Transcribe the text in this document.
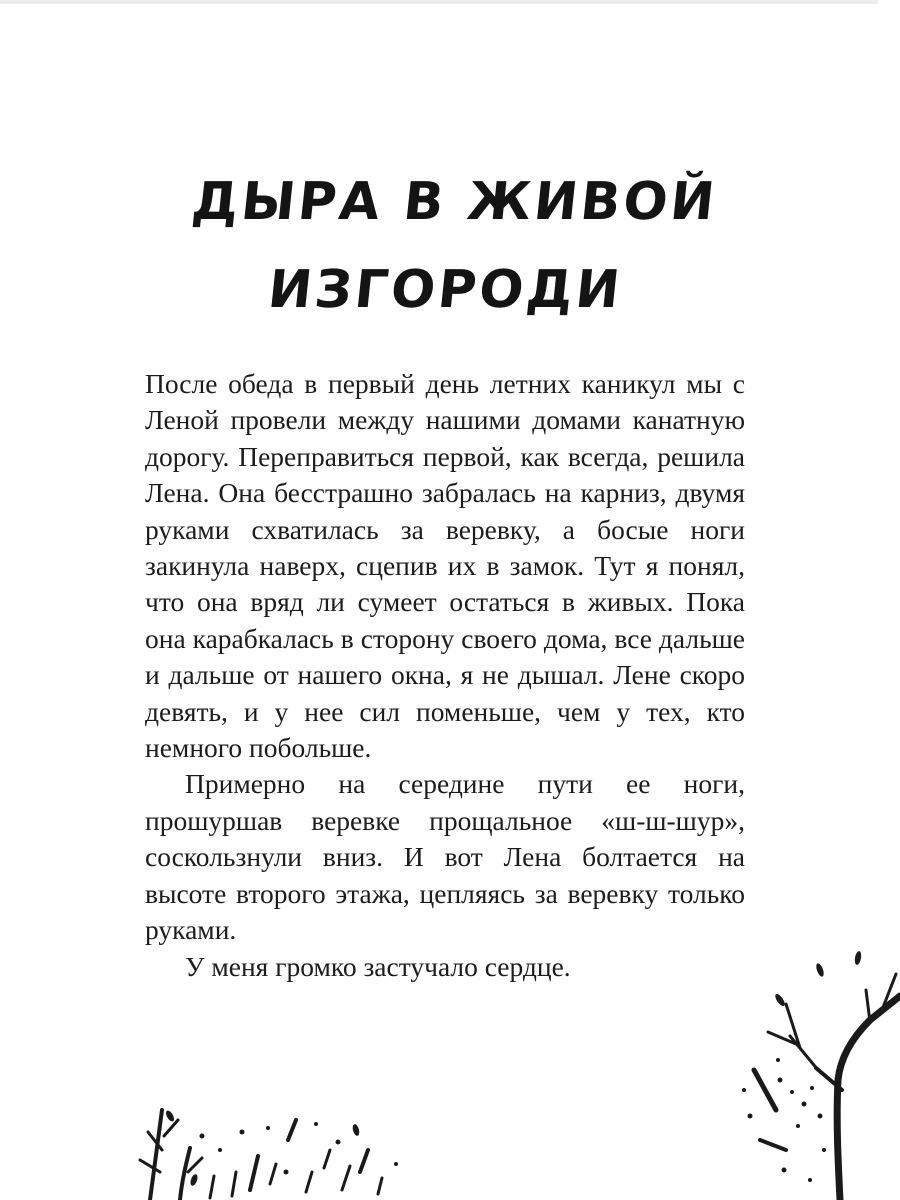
ДЫРА В ЖИВОЙ
ИЗГОРОДИ

После обеда в первый день летних каникул мы с Леной провели между нашими домами канатную дорогу. Переправиться первой, как всегда, решила Лена. Она бесстрашно забралась на карниз, двумя руками схватилась за веревку, а босые ноги закинула наверх, сцепив их в замок. Тут я понял, что она вряд ли сумеет остаться в живых. Пока она карабкалась в сторону своего дома, все дальше и дальше от нашего окна, я не дышал. Лене скоро девять, и у нее сил поменьше, чем у тех, кто немного побольше.

Примерно на середине пути ее ноги, прошуршав веревке прощальное «ш-ш-шур», соскользнули вниз. И вот Лена болтается на высоте второго этажа, цепляясь за веревку только руками.

У меня громко застучало сердце.
